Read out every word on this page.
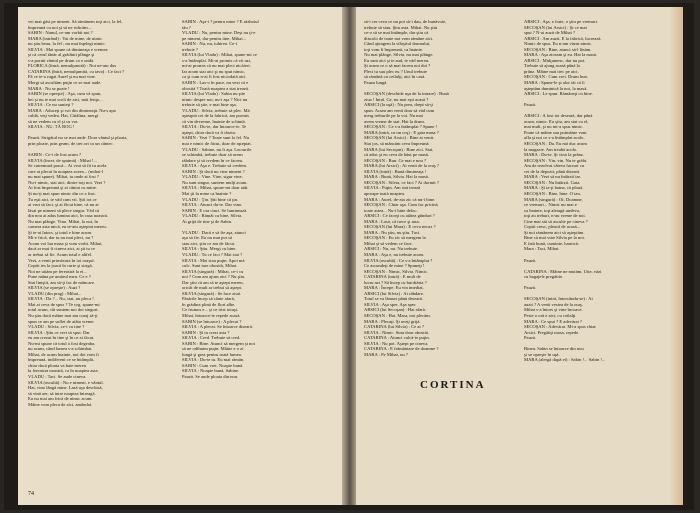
vei mai găsi pe nimeni. Să rămânem toţi aici, la fel,
împreună cu noi şi să ne ridicăm...
SABIN : Nunul, ce-am vorbit noi ?
MARA (intrând) : Vai de mine, de nimic
nu ştiu beau, la fel ; nu mai înţelegi nimic.
SILVIA : Mai spune că dimineaţa e vremea
şi că cerul tânăr al grădinii plânge şi
s-a pornit vântul pe drum ca o undă.
FLORICA (întră, nemulţumită) : Noi ne-am dus
CATARINA (întră, nemulţumită, cu tava) : Ce faci ?
Fă ce te-a rugat Aurel şi nu mai vine.
Mergi să ascultăm puţin ce se mai aude.
MARA : Nu se poate !
SABIN (se opreşte) : Aşa, cum vă spun,
bei şi nu te mai scoli de aici, măi fetiţo...
SILVIA : Ce nu sunteţi ?
MARA : Aduceţi şi voi din dimineaţă. Nu-s apa
caldă, veţi vedea. Hai, Cătălina, mergi
să ne vedem cu el şi cu voi.
SILVIA : NU, TĂ ROG !

Pauză. Strigătul nu se mai aude. Doar vântul şi ploaia,
prin ploaie, prin geam, de trei ori ca un cântec.

SABIN : Ce-i de fost acum ?
SILVIA (încet, de spaimă) : Mihai !...
Se cutremură parcă... Ai vrut să fii tu acela
care ai plecat în noaptea aceea... (mihai-l
nu mai spune). Mihai, tu unde ai fost ?
Nu-i nimic, stai aici, dintre toţi noi. Vezi ?
Ai fost împreună şi ai cântat cu mine.
Şi nu-ţi mai spun nimic din ce a fost.
Tu eşti aici, te văd cum vii. Ştii tot ce
ai vrut să faci, şi ai făcut bine, că nu ai
lăsat pe nimeni să plece singur. Văd că
din nou ai adus lumina aici, în casa noastră.
Nu mai plânge. Vino. Mihai, la noi, în
camera asta mică, eu te-am aşteptat mereu.
Şi te-ai întors, şi totul e bine acum.
Mi-e frică, dar tu nu mai pleci, nu ?
Acum voi lua masa şi vom vorbi. Mihai,
dacă ar mai fi cineva aici, ai şti tu ce
ar trebui să fie. Acum totul e altfel.
Vezi, a venit primăvara în tot oraşul.
Copiii ies la joacă în curte şi strigă.
Noi ne uităm pe fereastră la ei...
Pune mâna pe umărul meu. Ce e ?
Stai liniştit, am să-ţi fac de mâncare.
SILVIA (se opreşte) : Auzi ?
VLADU (din prag) : Mihai...
SILVIA : Da ?... Nu, stai, nu pleca !
Mai ai ceva de spus ? Te rog, spune-mi
totul acum, cât suntem noi doi singuri.
Nu ştiu dacă mâine mai am curaj să-ţi
spun ce am pe suflet de atâta vreme.
VLADU : Silvia, ce-i cu tine ?
SILVIA : Ştiu ce vrei să spui. Dar
eu am crezut în tine şi în ce ai făcut.
Nu-mi spune că totul a fost degeaba,
nu acum, când lumea s-a schimbat.
Mihai, de acum înainte, noi doi vom fi
împreună, indiferent ce se întâmplă,
chiar dacă ploaia va bate mereu
la fereastra noastră, ca în noaptea asta.
VLADU : Taci. Se aude cineva.
SILVIA (ascultă) : Nu e nimeni, e vântul.
Hai, vino lângă mine. Lasă uşa deschisă,
să vină aer, să intre noaptea întreagă.
Eu nu mai am frică de nimic acum.
Mâine vom pleca de aici, amândoi.
SABIN : Aşa-i ? pentru mine ? E războiul
tău ?
VLADU : Nu, pentru mine. Deşi nu ţi-e
pe nimeni, dar pentru tine, Mihai...
SABIN : Nu, nu, iubirea. Ce-i
trebuie ?
SILVIA (lui Vladu) : Mihai, spune-mi ce
s-a întâmplat. Mi-ai promis că vii azi,
mi-ai promis că nu mai pleci nicăieri.
Iar acum stai aici şi nu spui nimic,
ca şi cum n-ai fi fost niciodată aici.
SABIN : Las-o în pace, nu vezi că e
obosită ? Toată noaptea a stat trează.
SILVIA (lui Vladu) : Sabin nu ştie
nimic despre noi, nu-i aşa ? Nici nu
trebuie să ştie, e mai bine aşa.
VLADU : Silvia, trebuie să plec. Mă
aşteaptă cei de la fabrică, am promis
că vin devreme, înainte de schimb.
SILVIA : Du-te, dar întoarce-te. Te
aştept, chiar dacă va fi târziu.
SABIN : Vezi ? Toate sunt la fel. Nu
mai e nimic de făcut, doar de aşteptat.
VLADU : Sabine, nu fi aşa. Lucrurile
se schimbă, trebuie doar să avem
răbdare şi să credem în ce facem.
SILVIA : Aşa e. Trebuie să credem.
SABIN : Şi dacă nu vine nimeni ?
VLADU : Vine. Vine, sigur vine.
Nu sunt singur, suntem mulţi acum.
SILVIA : Mihai, spune-mi doar atât.
Mai ţii la mine ca înainte ?
VLADU : Ţin. Ştii bine că ţin.
SILVIA : Atunci du-te. Dar vino.
SABIN : E ora cinci. Se luminează.
VLADU : Rămâi cu bine, Silvia.
Ai grijă de tine şi de Sabin.

VLADU : Dacă e să fie aşa, atunci
aşa să fie. Eu nu mai pot să
stau aici, ştiu ce am de făcut.
SILVIA : Ştiu. Mergi cu bine.
VLADU : Tu ce faci ? Mai stai ?
SILVIA : Mai stau puţin. Apoi mă
culc. Sunt tare obosită, Mihai.
SILVIA (singură) : Mihai, ce-i cu
noi ? Cum am ajuns aici ? Nu ştiu.
Dar ştiu că am să te aştept mereu,
oricât de mult ar trebui să aştept.
SILVIA (singură) : Se face ziuă.
Păsările încep să cânte afară,
în grădina plină de flori albe.
Ce frumos e... şi ce trist totuşi.
Mihai, întoarce-te repede acasă.
SABIN (se întoarce) : A plecat ?
SILVIA : A plecat. Se întoarce diseară.
SABIN : Şi tu crezi asta ?
SILVIA : Cred. Trebuie să cred.
SABIN : Bine. Atunci să mergem şi noi
să ne odihnim puţin. Mâine e o zi
lungă şi grea pentru toată lumea.
SILVIA : Du-te tu. Eu mai rămân.
SABIN : Cum vrei. Noapte bună.
SILVIA : Noapte bună, Sabine.
Pauză. Se aude ploaia din nou.
74
să-i cer ceva ce nu pot să-i dau, de bunăvoie,
trebuie să stau. Ştiu asta. Mihai. Nu ştiu
ce-o să se mai întâmple, dar ştiu că
dincolo de toate noi vom rămâne aici.
Când ajungem la sfârşitul drumului,
toţi vom fi împreună, ca înainte.
Nu mai plânge, Silvia, nu mai plânge.
Eu sunt aici şi te aud, te văd mereu.
Şi acum ce o să mai facem noi doi ?
Pleci tu sau plec eu ? Unul trebuie
să rămână cu ceilalţi, aici în casă.
Pauza lungă.

SECOŞAN (deschide uşa de la intrare) : Bună
ziua ! Intră. Ce, nu mai eşti acasă ?
ARSICI (la uşă) : Nu prea, drept să-ţi
spun. Acum am venit doar să văd cum
merg treburile pe la voi. Nu mai
avem vreme de stat. Hai la drum.
SECOŞAN : Ce s-a întâmplat ? Spune !
MARA (intră, cu un coş) : E gata masa ?
SECOŞAN (lui Arsici) : Bine ai venit.
Stai jos, să mâncăm ceva împreună.
MARA (lui Secoşan) : Bine zici. Stai,
că aduc şi eu ceva de băut pe masă.
SECOŞAN : Bun. Ce mai e nou ?
MARA (lui Arsici) : Ai venit de la oraş ?
SILVIA (intră) : Bună dimineaţa !
MARA : Bună, Silvia. Hai la masă.
SECOŞAN : Silvia, ce faci ? Ai dormit ?
SILVIA : Puţin. Am stat trează
aproape toată noaptea.
MARA : Aurel, de-aia zic că nu-i bine.
SECOŞAN : Chiar aşa. Cum fac pricină
toate astea... Nu-i bine deloc.
ARSICI : Ce faceţi cu atâtea gânduri ?
MARA : Lasă, că trece şi asta.
SECOŞAN (lui Mara) : E ceva necaz ?
MARA : Nu ştiu, nu ştiu. Taci.
SECOŞAN : Eu zic să mergem la
Mihai şi să vedem ce face.
ARSICI : Nu, nu. Nu trebuie.
MARA : Aşa e, nu trebuie acum.
SILVIA (ascultă) : Ce s-a întâmplat ?
Ce ascundeţi de mine ? Spuneţi !
SECOŞAN : Nimic, Silvia. Nimic.
CATARINA (intră) : E mult de
lucru azi ? Să încep cu bucătăria ?
MARA : Începe. Eu vin imediat.
ARSICI (lui Silvia) : Ai răbdare.
Totul se va lămuri până deseară.
SILVIA : Aşa sper. Aşa sper.
ARSICI (lui Secoşan) : Hai afară.
SECOŞAN : Hai. Mara, noi plecăm.
MARA : Plecaţi. Şi aveţi grijă.
CATARINA (lui Silvia) : Ce ai ?
SILVIA : Nimic. Sunt doar obosită.
CATARINA : Atunci culcă-te puţin.
SILVIA : Nu pot. Aştept pe cineva.
CATARINA : E frământare de doamne ?
MARA : Pe Mihai, nu ?
ARSICI : Aşa, e frate, o ştiu pe vremuri.
SECOŞAN (lui Arsici) : Şi ce mai
spui ? N-ai auzit de Mihai ?
ARSICI : Am auzit. E la fabrică, lucrează.
Nimic de spus. Eu n-am văzut nimic.
SECOŞAN : Bine, atunci să-l lăsăm.
MARA : Aşa ziceam şi eu. Hai la masă.
ARSICI : Mulţumesc, dar nu pot.
Trebuie să ajung acasă până la
prânz. Mâine mai trec pe aici.
SECOŞAN : Cum vrei. Drum bun.
MARA : Spune-le şi alor tăi că îi
aşteptăm duminică la noi, la masă.
ARSICI : Le spun. Rămâneţi cu bine.

Pauză.

ARSICI : A fost tot deseară, dar până
acum, nimic. Eu ştiu, am stat cu el,
mai mult, şi nu mi-a spus nimic.
Poate că mâine sau poimâine vom
afla şi noi ce s-a întâmplat acolo.
SECOŞAN : Da. Eu mă duc acum
la magazie. Am treabă acolo.
MARA : Du-te. Şi vino la prânz.
SECOŞAN : Vin, vin. Nu te grăbi.
Am de rezolvat câteva lucruri cu
cei de la depozit, până diseară.
MARA : Vezi să nu întârzii iar.
SECOŞAN : Nu întârzii. Gata.
MARA : Şi ia-ţi haina, că plouă.
SECOŞAN : Bine, bine. O iau.
MARA (singură) : Of, Doamne,
ce vremuri... Nimic nu mai e
ca înainte, toţi aleargă undeva,
toţi au treburi, n-au vreme de noi.
Cine mai stă să asculte pe cineva ?
Copiii cresc, pleacă de acasă...
Şi noi rămânem aici să aşteptăm.
Bine că mai vine Silvia pe la noi.
E fată bună, cuminte, harnică.
Mara : Taci, Mihai.

Pauză.

CATARINA : Mâine ne mutăm. Uite, văzi
cu bagajele pregătite.

Pauză.

SECOŞAN (intră, întorcându-se) : Ai
auzit ? A venit vestea de la oraş.
Mihai s-a întors şi vine încoace.
Peste o oră e aici, cu ceilalţi.
MARA : Ce spui ? E adevărat ?
SECOŞAN : Adevărat. Mi-a spus chiar
Arsici. Pregătiţi masa, repede.
Pauză.

Bineu. Sabin se întoarce din nou
şi se opreşte în uşă.
MARA (alergă după ei) : Sabin !... Sabin !...
CORTINA
